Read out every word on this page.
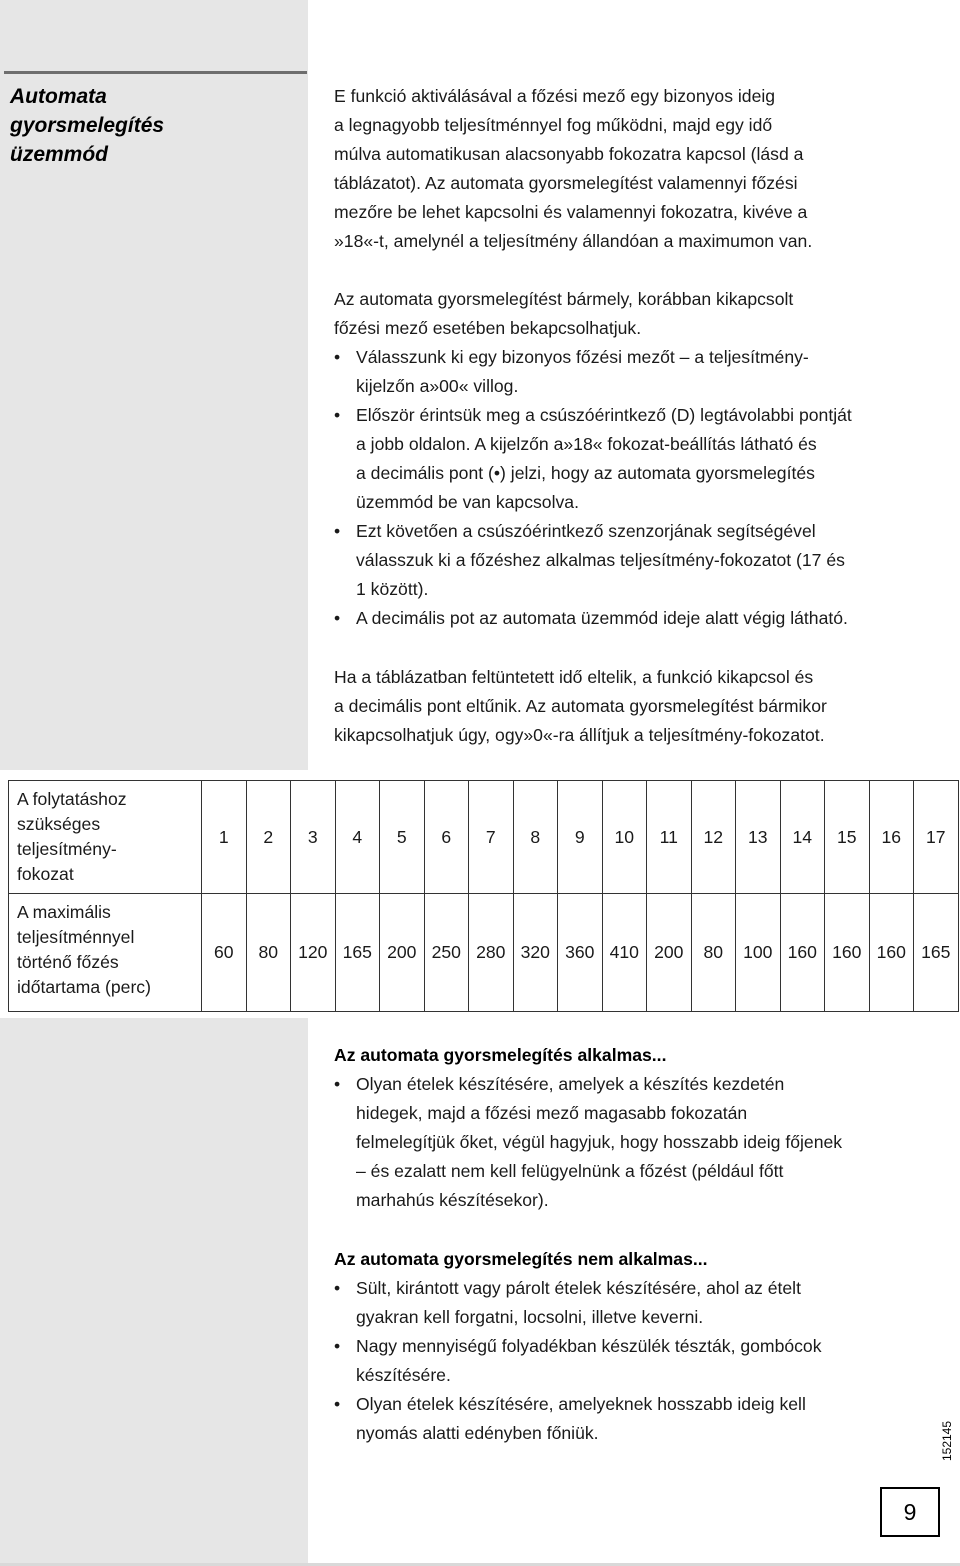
Automata
gyorsmelegítés
üzemmód
E funkció aktiválásával a főzési mező egy bizonyos ideig
a legnagyobb teljesítménnyel fog működni, majd egy idő
múlva automatikusan alacsonyabb fokozatra kapcsol (lásd a
táblázatot). Az automata gyorsmelegítést valamennyi főzési
mezőre be lehet kapcsolni és valamennyi fokozatra, kivéve a
»18«-t, amelynél a teljesítmény állandóan a maximumon van.
Az automata gyorsmelegítést bármely, korábban kikapcsolt
főzési mező esetében bekapcsolhatjuk.
• Válasszunk ki egy bizonyos főzési mezőt – a teljesítmény-
kijelzőn a»00« villog.
• Először érintsük meg a csúszóérintkező (D) legtávolabbi pontját
a jobb oldalon. A kijelzőn a»18« fokozat-beállítás látható és
a decimális pont (•) jelzi, hogy az automata gyorsmelegítés
üzemmód be van kapcsolva.
• Ezt követően a csúszóérintkező szenzorjának segítségével
válasszuk ki a főzéshez alkalmas teljesítmény-fokozatot (17 és
1 között).
• A decimális pot az automata üzemmód ideje alatt végig látható.
Ha a táblázatban feltüntetett idő eltelik, a funkció kikapcsol és
a decimális pont eltűnik. Az automata gyorsmelegítést bármikor
kikapcsolhatjuk úgy, ogy»0«-ra állítjuk a teljesítmény-fokozatot.
A folytatáshoz
szükséges
teljesítmény-
fokozat	1	2	3	4	5	6	7	8	9	10	11	12	13	14	15	16	17

A maximális
teljesítménnyel
történő főzés
időtartama (perc)	60	80	120	165	200	250	280	320	360	410	200	80	100	160	160	160	165
Az automata gyorsmelegítés alkalmas...
• Olyan ételek készítésére, amelyek a készítés kezdetén
hidegek, majd a főzési mező magasabb fokozatán
felmelegítjük őket, végül hagyjuk, hogy hosszabb ideig főjenek
– és ezalatt nem kell felügyelnünk a főzést (például főtt
marhahús készítésekor).
Az automata gyorsmelegítés nem alkalmas...
• Sült, kirántott vagy párolt ételek készítésére, ahol az ételt
gyakran kell forgatni, locsolni, illetve keverni.
• Nagy mennyiségű folyadékban készülék tészták, gombócok
készítésére.
• Olyan ételek készítésére, amelyeknek hosszabb ideig kell
nyomás alatti edényben főniük.	152145
9
